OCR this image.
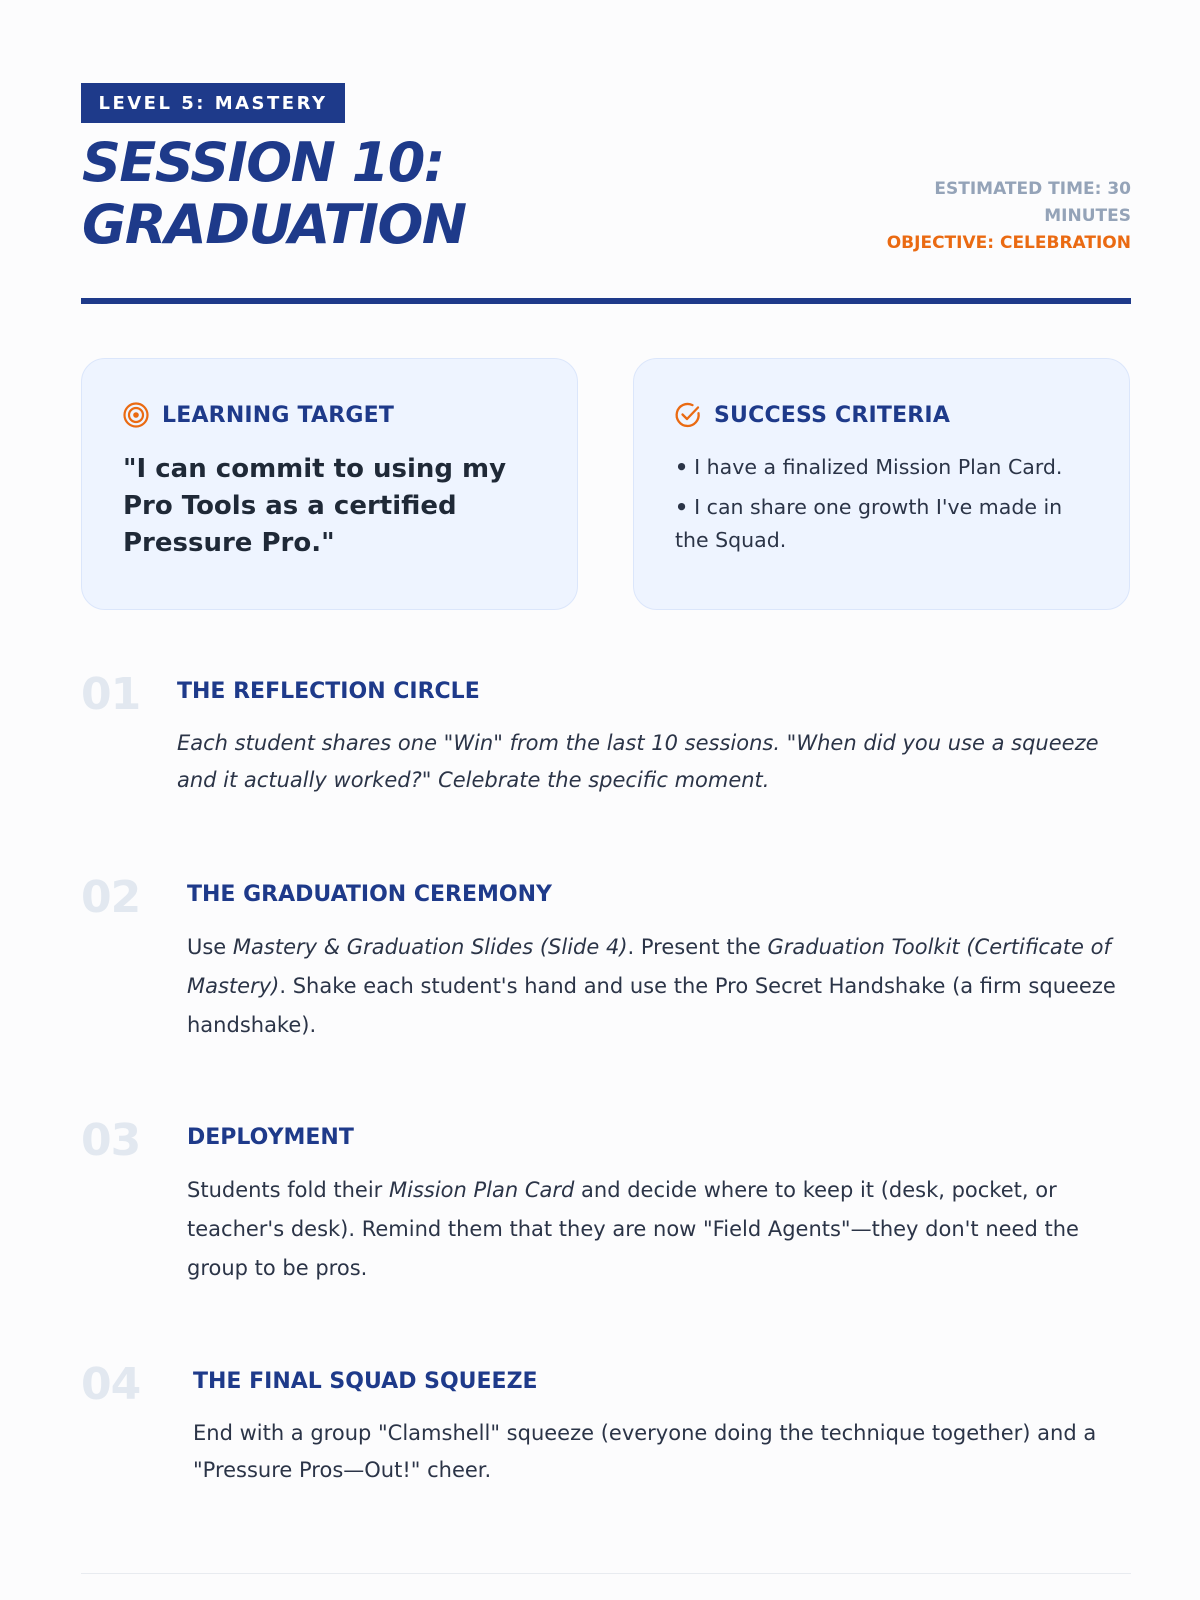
LEVEL 5: MASTERY
SESSION 10:
GRADUATION
ESTIMATED TIME: 30 MINUTES
OBJECTIVE: CELEBRATION
LEARNING TARGET

"I can commit to using my Pro Tools as a certified Pressure Pro."

SUCCESS CRITERIA
• I have a finalized Mission Plan Card.
• I can share one growth I've made in the Squad.
01 THE REFLECTION CIRCLE

Each student shares one "Win" from the last 10 sessions. "When did you use a squeeze and it actually worked?" Celebrate the specific moment.

02 THE GRADUATION CEREMONY

Use Mastery & Graduation Slides (Slide 4). Present the Graduation Toolkit (Certificate of Mastery). Shake each student's hand and use the Pro Secret Handshake (a firm squeeze handshake).

03 DEPLOYMENT

Students fold their Mission Plan Card and decide where to keep it (desk, pocket, or teacher's desk). Remind them that they are now "Field Agents"—they don't need the group to be pros.

04 THE FINAL SQUAD SQUEEZE

End with a group "Clamshell" squeeze (everyone doing the technique together) and a "Pressure Pros—Out!" cheer.
